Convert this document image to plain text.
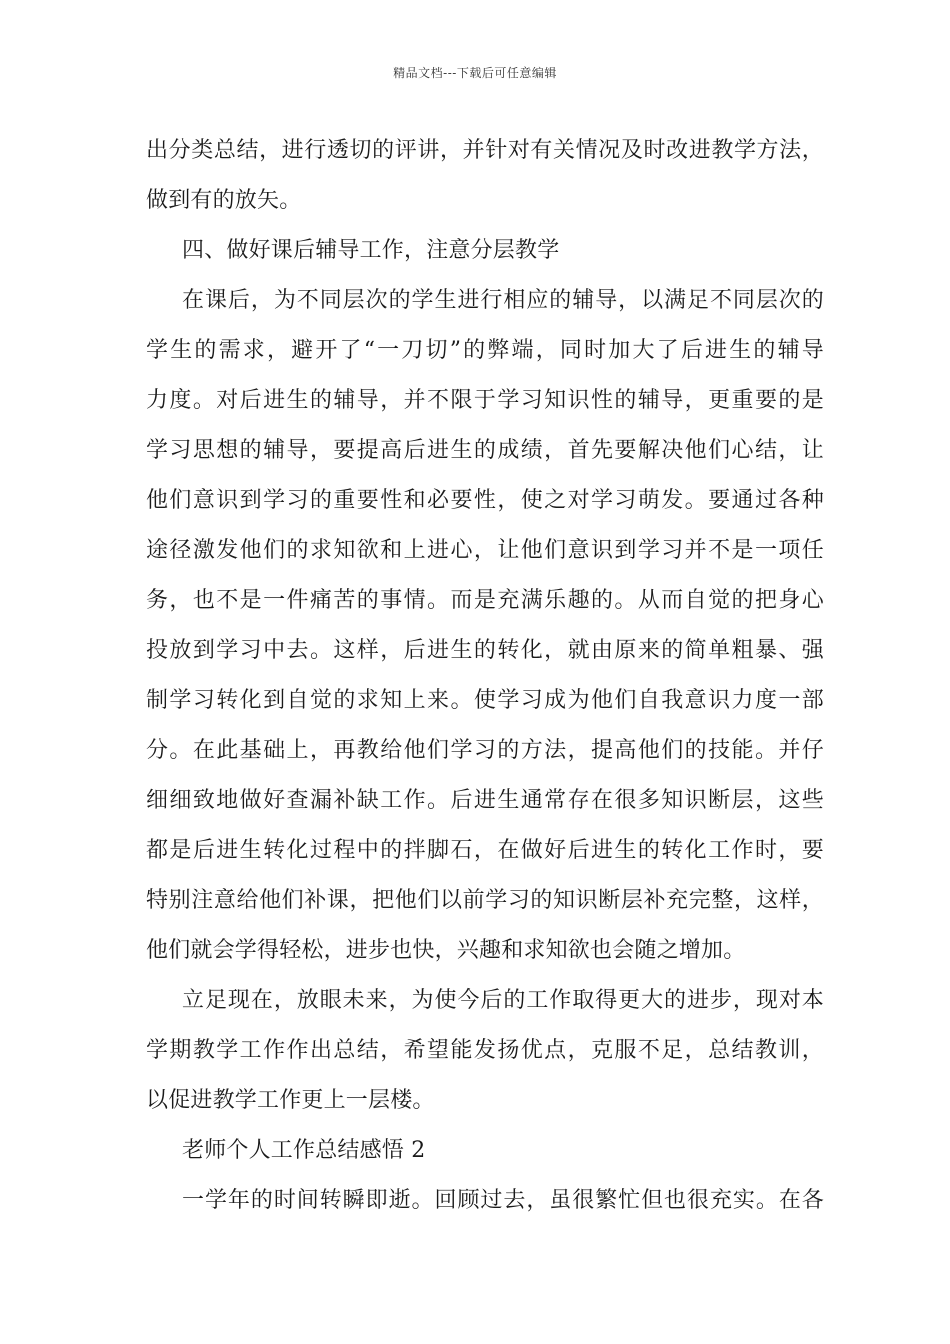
精品文档---下载后可任意编辑
出分类总结，进行透切的评讲，并针对有关情况及时改进教学方法，
做到有的放矢。
四、做好课后辅导工作，注意分层教学
在课后，为不同层次的学生进行相应的辅导，以满足不同层次的
学生的需求，避开了“一刀切”的弊端，同时加大了后进生的辅导
力度。对后进生的辅导，并不限于学习知识性的辅导，更重要的是
学习思想的辅导，要提高后进生的成绩，首先要解决他们心结，让
他们意识到学习的重要性和必要性，使之对学习萌发。要通过各种
途径激发他们的求知欲和上进心，让他们意识到学习并不是一项任
务，也不是一件痛苦的事情。而是充满乐趣的。从而自觉的把身心
投放到学习中去。这样，后进生的转化，就由原来的简单粗暴、强
制学习转化到自觉的求知上来。使学习成为他们自我意识力度一部
分。在此基础上，再教给他们学习的方法，提高他们的技能。并仔
细细致地做好查漏补缺工作。后进生通常存在很多知识断层，这些
都是后进生转化过程中的拌脚石，在做好后进生的转化工作时，要
特别注意给他们补课，把他们以前学习的知识断层补充完整，这样，
他们就会学得轻松，进步也快，兴趣和求知欲也会随之增加。
立足现在，放眼未来，为使今后的工作取得更大的进步，现对本
学期教学工作作出总结，希望能发扬优点，克服不足，总结教训，
以促进教学工作更上一层楼。
老师个人工作总结感悟 2
一学年的时间转瞬即逝。回顾过去，虽很繁忙但也很充实。在各
